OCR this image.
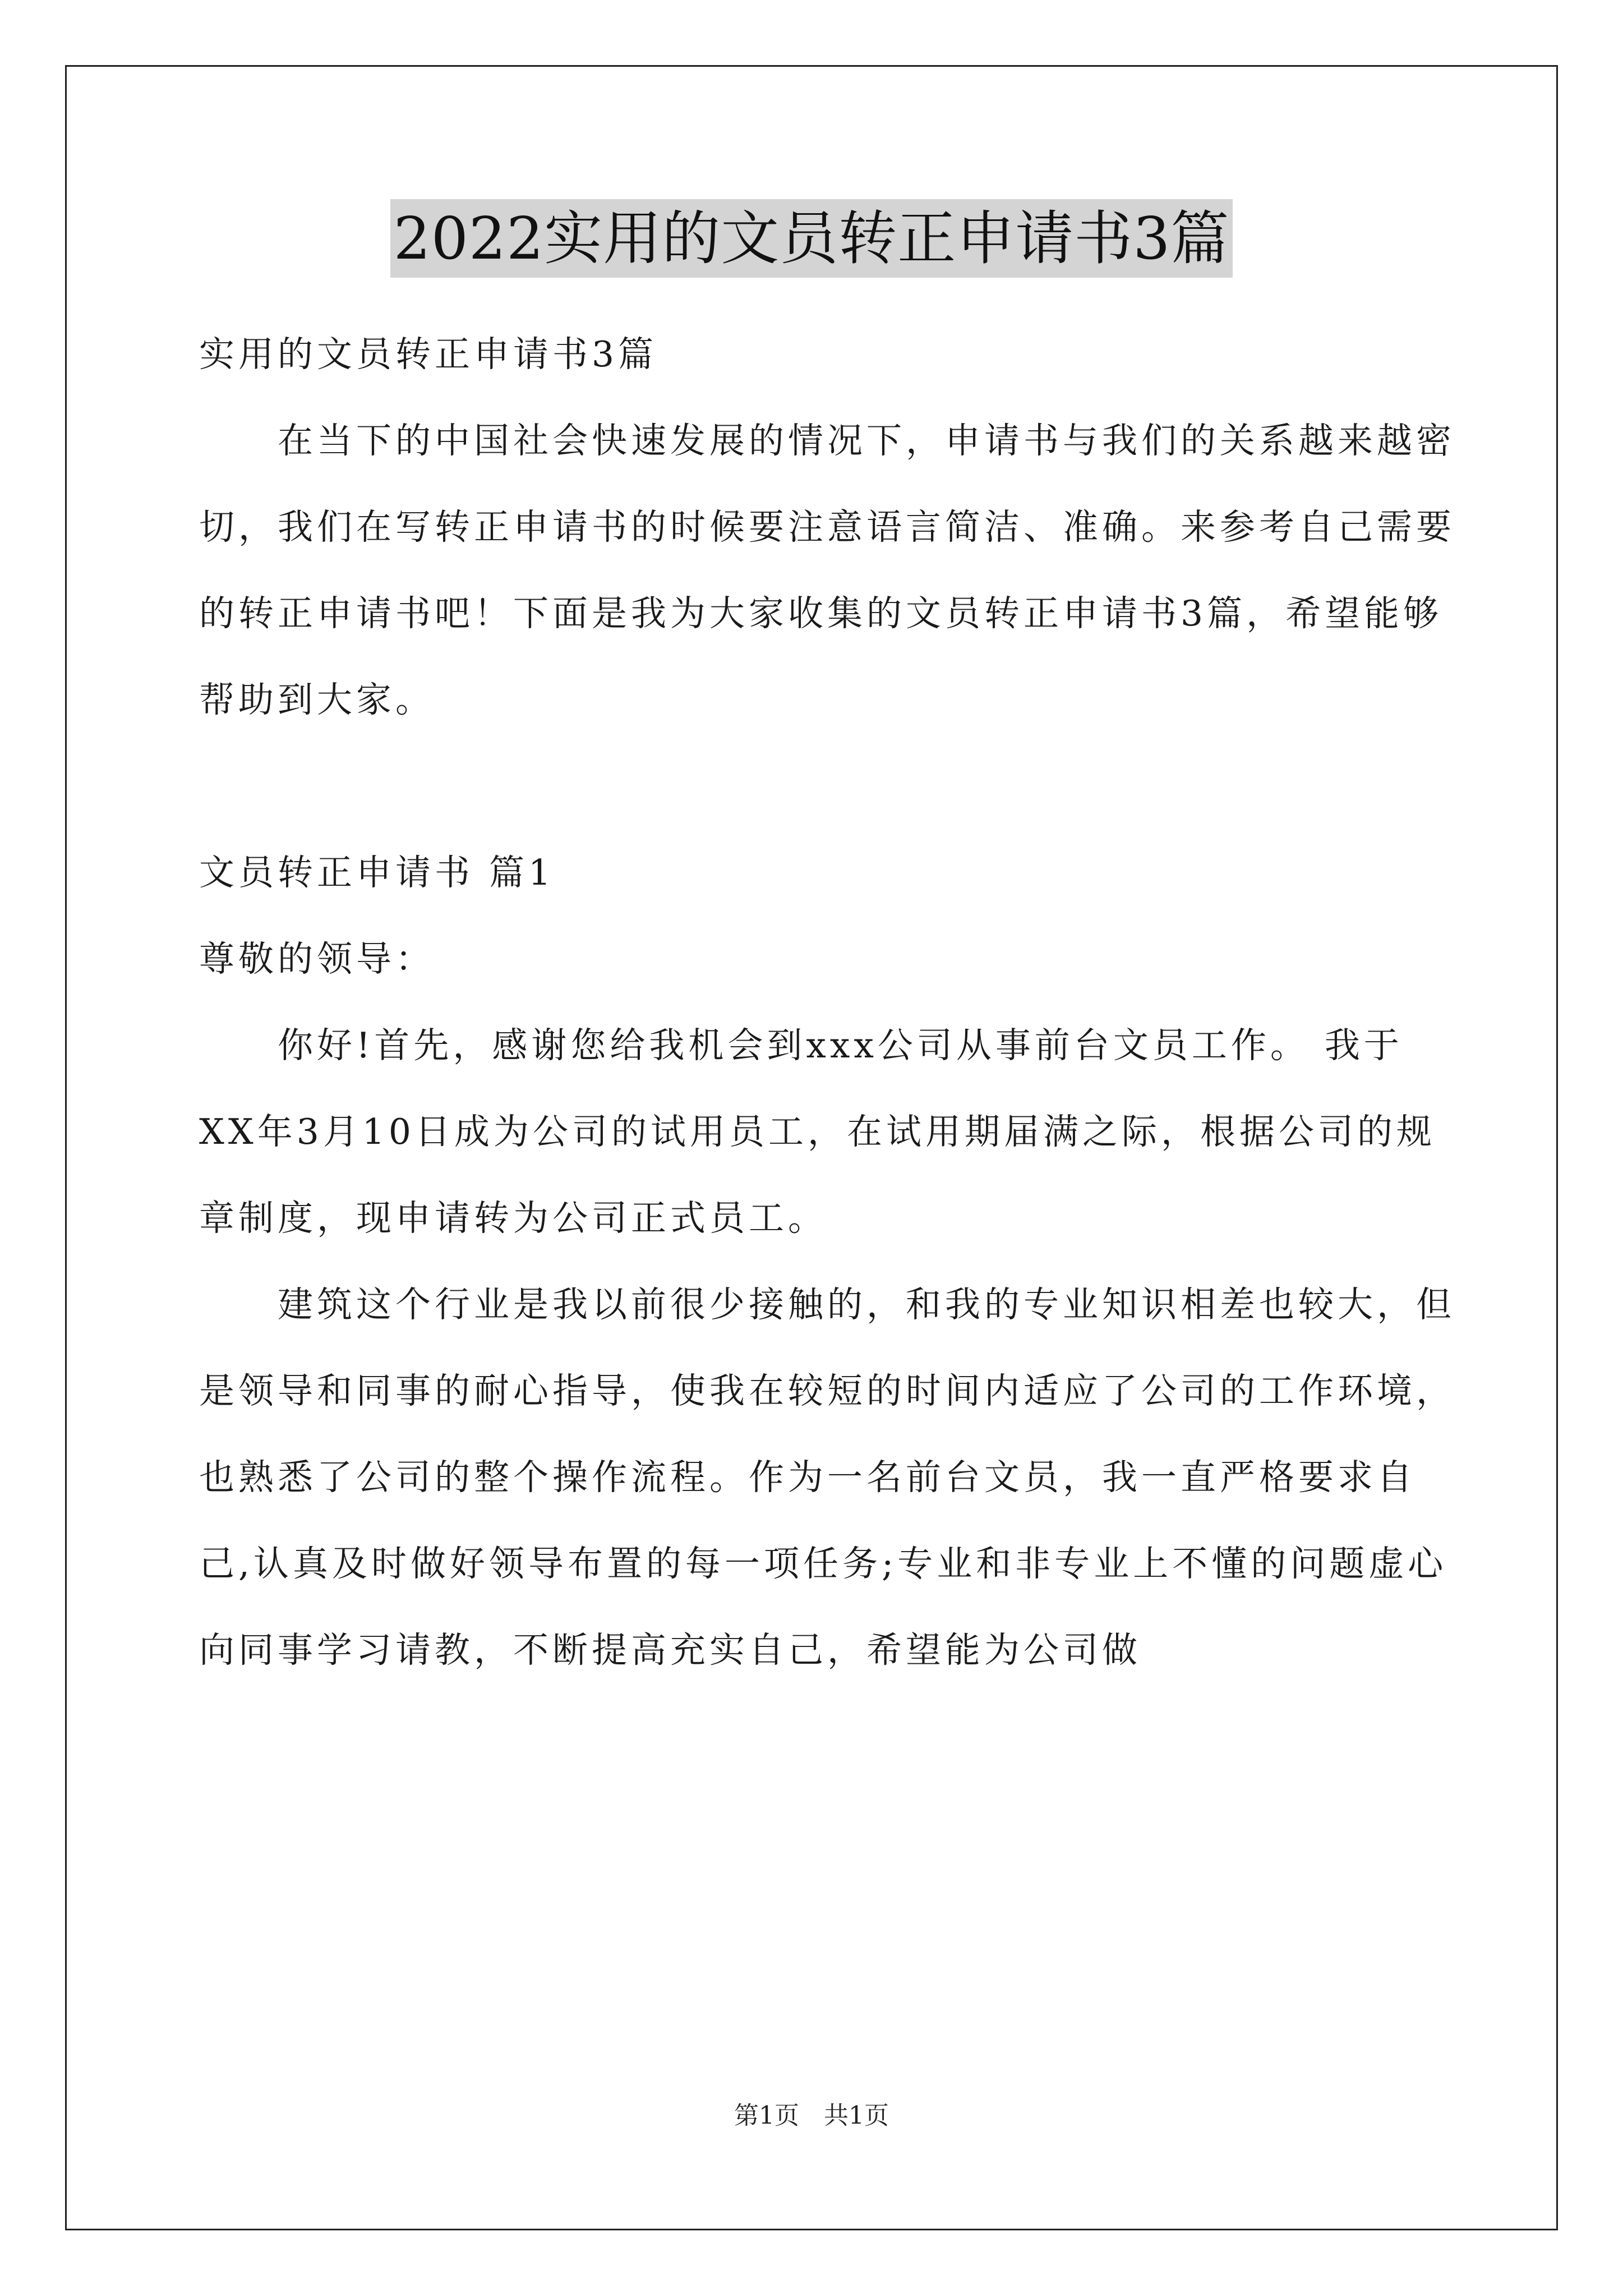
2022实用的文员转正申请书3篇

实用的文员转正申请书3篇

在当下的中国社会快速发展的情况下，申请书与我们的关系越来越密切，我们在写转正申请书的时候要注意语言简洁、准确。来参考自己需要的转正申请书吧！下面是我为大家收集的文员转正申请书3篇，希望能够帮助到大家。

文员转正申请书 篇1

尊敬的领导：

你好!首先，感谢您给我机会到xxx公司从事前台文员工作。 我于XX年3月10日成为公司的试用员工，在试用期届满之际，根据公司的规章制度，现申请转为公司正式员工。

建筑这个行业是我以前很少接触的，和我的专业知识相差也较大，但是领导和同事的耐心指导，使我在较短的时间内适应了公司的工作环境，也熟悉了公司的整个操作流程。作为一名前台文员，我一直严格要求自己,认真及时做好领导布置的每一项任务;专业和非专业上不懂的问题虚心向同事学习请教，不断提高充实自己，希望能为公司做

第1页　共1页
